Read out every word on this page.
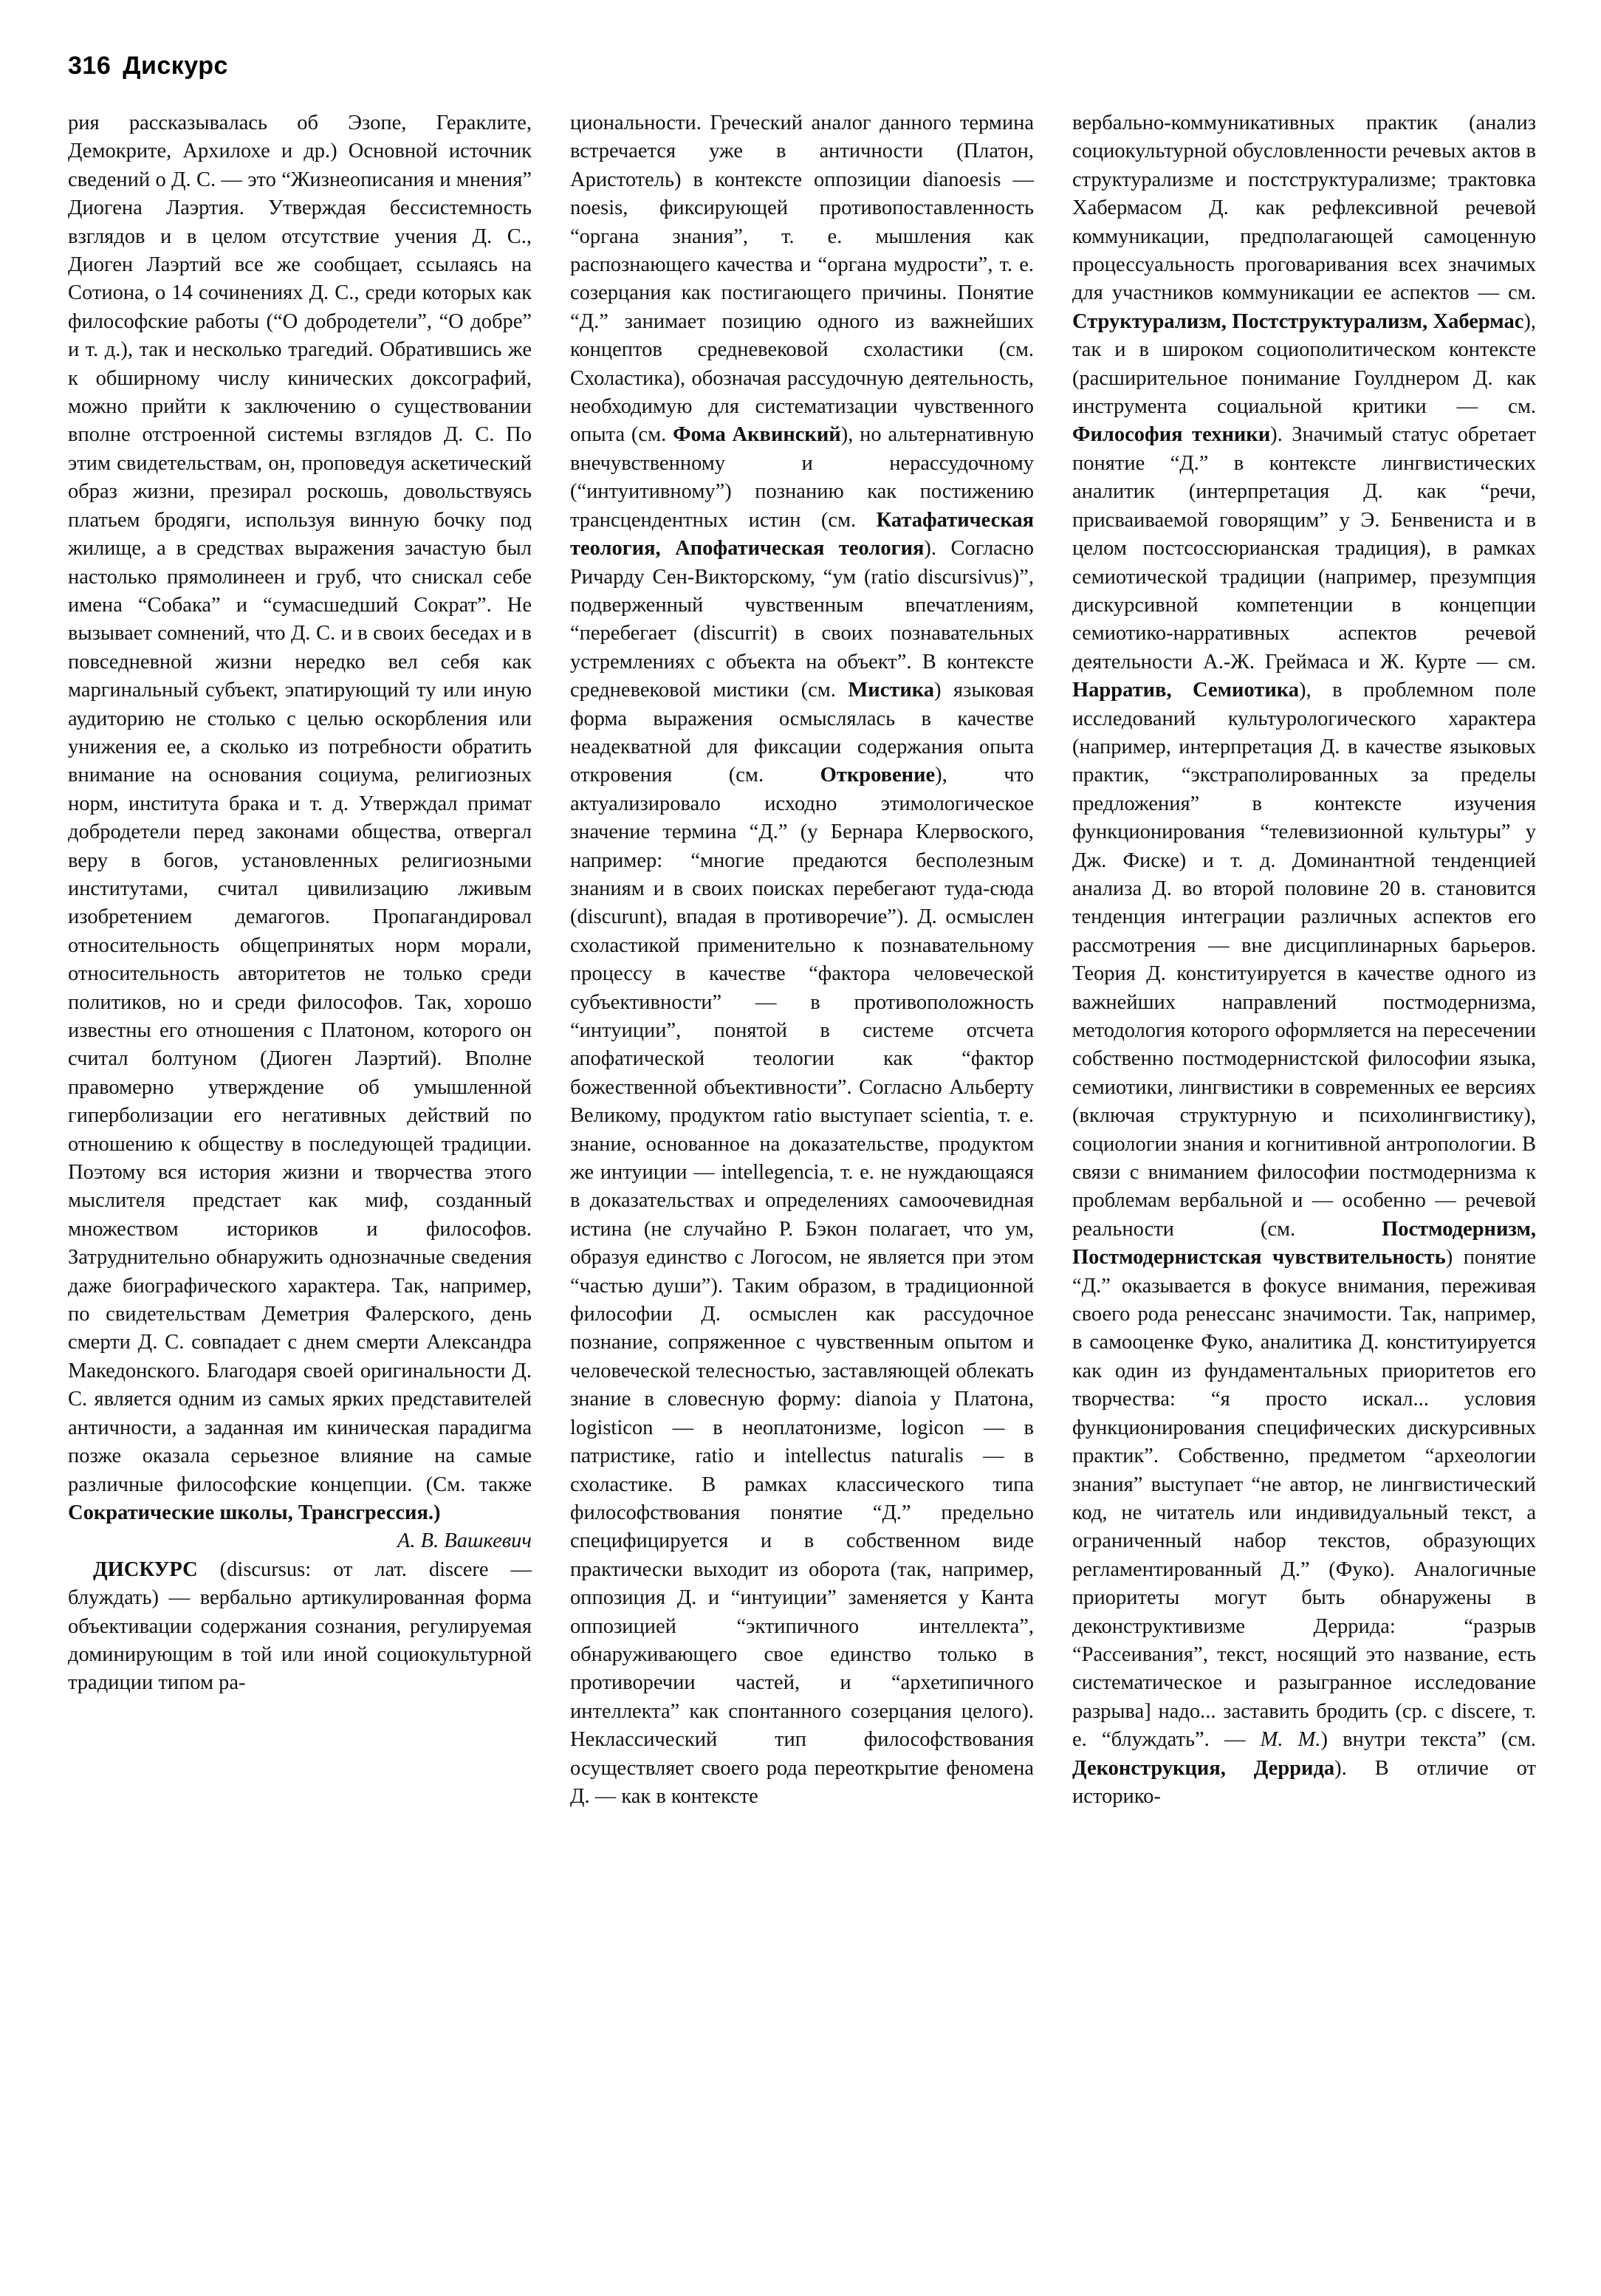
316 Дискурс

рия рассказывалась об Эзопе, Гераклите, Демокрите, Архилохе и др.) Основной источник сведений о Д. С. — это “Жизнеописания и мнения” Диогена Лаэртия. Утверждая бессистемность взглядов и в целом отсутствие учения Д. С., Диоген Лаэртий все же сообщает, ссылаясь на Сотиона, о 14 сочинениях Д. С., среди которых как философские работы (“О добродетели”, “О добре” и т. д.), так и несколько трагедий. Обратившись же к обширному числу кинических доксографий, можно прийти к заключению о существовании вполне отстроенной системы взглядов Д. С. По этим свидетельствам, он, проповедуя аскетический образ жизни, презирал роскошь, довольствуясь платьем бродяги, используя винную бочку под жилище, а в средствах выражения зачастую был настолько прямолинеен и груб, что снискал себе имена “Собака” и “сумасшедший Сократ”. Не вызывает сомнений, что Д. С. и в своих беседах и в повседневной жизни нередко вел себя как маргинальный субъект, эпатирующий ту или иную аудиторию не столько с целью оскорбления или унижения ее, а сколько из потребности обратить внимание на основания социума, религиозных норм, института брака и т. д. Утверждал примат добродетели перед законами общества, отвергал веру в богов, установленных религиозными институтами, считал цивилизацию лживым изобретением демагогов. Пропагандировал относительность общепринятых норм морали, относительность авторитетов не только среди политиков, но и среди философов. Так, хорошо известны его отношения с Платоном, которого он считал болтуном (Диоген Лаэртий). Вполне правомерно утверждение об умышленной гиперболизации его негативных действий по отношению к обществу в последующей традиции. Поэтому вся история жизни и творчества этого мыслителя предстает как миф, созданный множеством историков и философов. Затруднительно обнаружить однозначные сведения даже биографического характера. Так, например, по свидетельствам Деметрия Фалерского, день смерти Д. С. совпадает с днем смерти Александра Македонского. Благодаря своей оригинальности Д. С. является одним из самых ярких представителей античности, а заданная им киническая парадигма позже оказала серьезное влияние на самые различные философские концепции. (См. также Сократические школы, Трансгрессия.)

А. В. Вашкевич

ДИСКУРС (discursus: от лат. discere — блуждать) — вербально артикулированная форма объективации содержания сознания, регулируемая доминирующим в той или иной социокультурной традиции типом ра-

циональности. Греческий аналог данного термина встречается уже в античности (Платон, Аристотель) в контексте оппозиции dianoesis — noesis, фиксирующей противопоставленность “органа знания”, т. е. мышления как распознающего качества и “органа мудрости”, т. е. созерцания как постигающего причины. Понятие “Д.” занимает позицию одного из важнейших концептов средневековой схоластики (см. Схоластика), обозначая рассудочную деятельность, необходимую для систематизации чувственного опыта (см. Фома Аквинский), но альтернативную внечувственному и нерассудочному (“интуитивному”) познанию как постижению трансцендентных истин (см. Катафатическая теология, Апофатическая теология). Согласно Ричарду Сен-Викторскому, “ум (ratio discursivus)”, подверженный чувственным впечатлениям, “перебегает (discurrit) в своих познавательных устремлениях с объекта на объект”. В контексте средневековой мистики (см. Мистика) языковая форма выражения осмыслялась в качестве неадекватной для фиксации содержания опыта откровения (см. Откровение), что актуализировало исходно этимологическое значение термина “Д.” (у Бернара Клервоского, например: “многие предаются бесполезным знаниям и в своих поисках перебегают туда-сюда (discurunt), впадая в противоречие”). Д. осмыслен схоластикой применительно к познавательному процессу в качестве “фактора человеческой субъективности” — в противоположность “интуиции”, понятой в системе отсчета апофатической теологии как “фактор божественной объективности”. Согласно Альберту Великому, продуктом ratio выступает scientia, т. е. знание, основанное на доказательстве, продуктом же интуиции — intellegencia, т. е. не нуждающаяся в доказательствах и определениях самоочевидная истина (не случайно Р. Бэкон полагает, что ум, образуя единство с Логосом, не является при этом “частью души”). Таким образом, в традиционной философии Д. осмыслен как рассудочное познание, сопряженное с чувственным опытом и человеческой телесностью, заставляющей облекать знание в словесную форму: dianoia у Платона, logisticon — в неоплатонизме, logicon — в патристике, ratio и intellectus naturalis — в схоластике. В рамках классического типа философствования понятие “Д.” предельно специфицируется и в собственном виде практически выходит из оборота (так, например, оппозиция Д. и “интуиции” заменяется у Канта оппозицией “эктипичного интеллекта”, обнаруживающего свое единство только в противоречии частей, и “архетипичного интеллекта” как спонтанного созерцания целого). Неклассический тип философствования осуществляет своего рода переоткрытие феномена Д. — как в контексте

вербально-коммуникативных практик (анализ социокультурной обусловленности речевых актов в структурализме и постструктурализме; трактовка Хабермасом Д. как рефлексивной речевой коммуникации, предполагающей самоценную процессуальность проговаривания всех значимых для участников коммуникации ее аспектов — см. Структурализм, Постструктурализм, Хабермас), так и в широком социополитическом контексте (расширительное понимание Гоулднером Д. как инструмента социальной критики — см. Философия техники). Значимый статус обретает понятие “Д.” в контексте лингвистических аналитик (интерпретация Д. как “речи, присваиваемой говорящим” у Э. Бенвениста и в целом постсоссюрианская традиция), в рамках семиотической традиции (например, презумпция дискурсивной компетенции в концепции семиотико-нарративных аспектов речевой деятельности А.-Ж. Греймаса и Ж. Курте — см. Нарратив, Семиотика), в проблемном поле исследований культурологического характера (например, интерпретация Д. в качестве языковых практик, “экстраполированных за пределы предложения” в контексте изучения функционирования “телевизионной культуры” у Дж. Фиске) и т. д. Доминантной тенденцией анализа Д. во второй половине 20 в. становится тенденция интеграции различных аспектов его рассмотрения — вне дисциплинарных барьеров. Теория Д. конституируется в качестве одного из важнейших направлений постмодернизма, методология которого оформляется на пересечении собственно постмодернистской философии языка, семиотики, лингвистики в современных ее версиях (включая структурную и психолингвистику), социологии знания и когнитивной антропологии. В связи с вниманием философии постмодернизма к проблемам вербальной и — особенно — речевой реальности (см. Постмодернизм, Постмодернистская чувствительность) понятие “Д.” оказывается в фокусе внимания, переживая своего рода ренессанс значимости. Так, например, в самооценке Фуко, аналитика Д. конституируется как один из фундаментальных приоритетов его творчества: “я просто искал... условия функционирования специфических дискурсивных практик”. Собственно, предметом “археологии знания” выступает “не автор, не лингвистический код, не читатель или индивидуальный текст, а ограниченный набор текстов, образующих регламентированный Д.” (Фуко). Аналогичные приоритеты могут быть обнаружены в деконструктивизме Деррида: “разрыв “Рассеивания”, текст, носящий это название, есть систематическое и разыгранное исследование разрыва] надо... заставить бродить (ср. с discere, т. е. “блуждать”. — М. М.) внутри текста” (см. Деконструкция, Деррида). В отличие от историко-
